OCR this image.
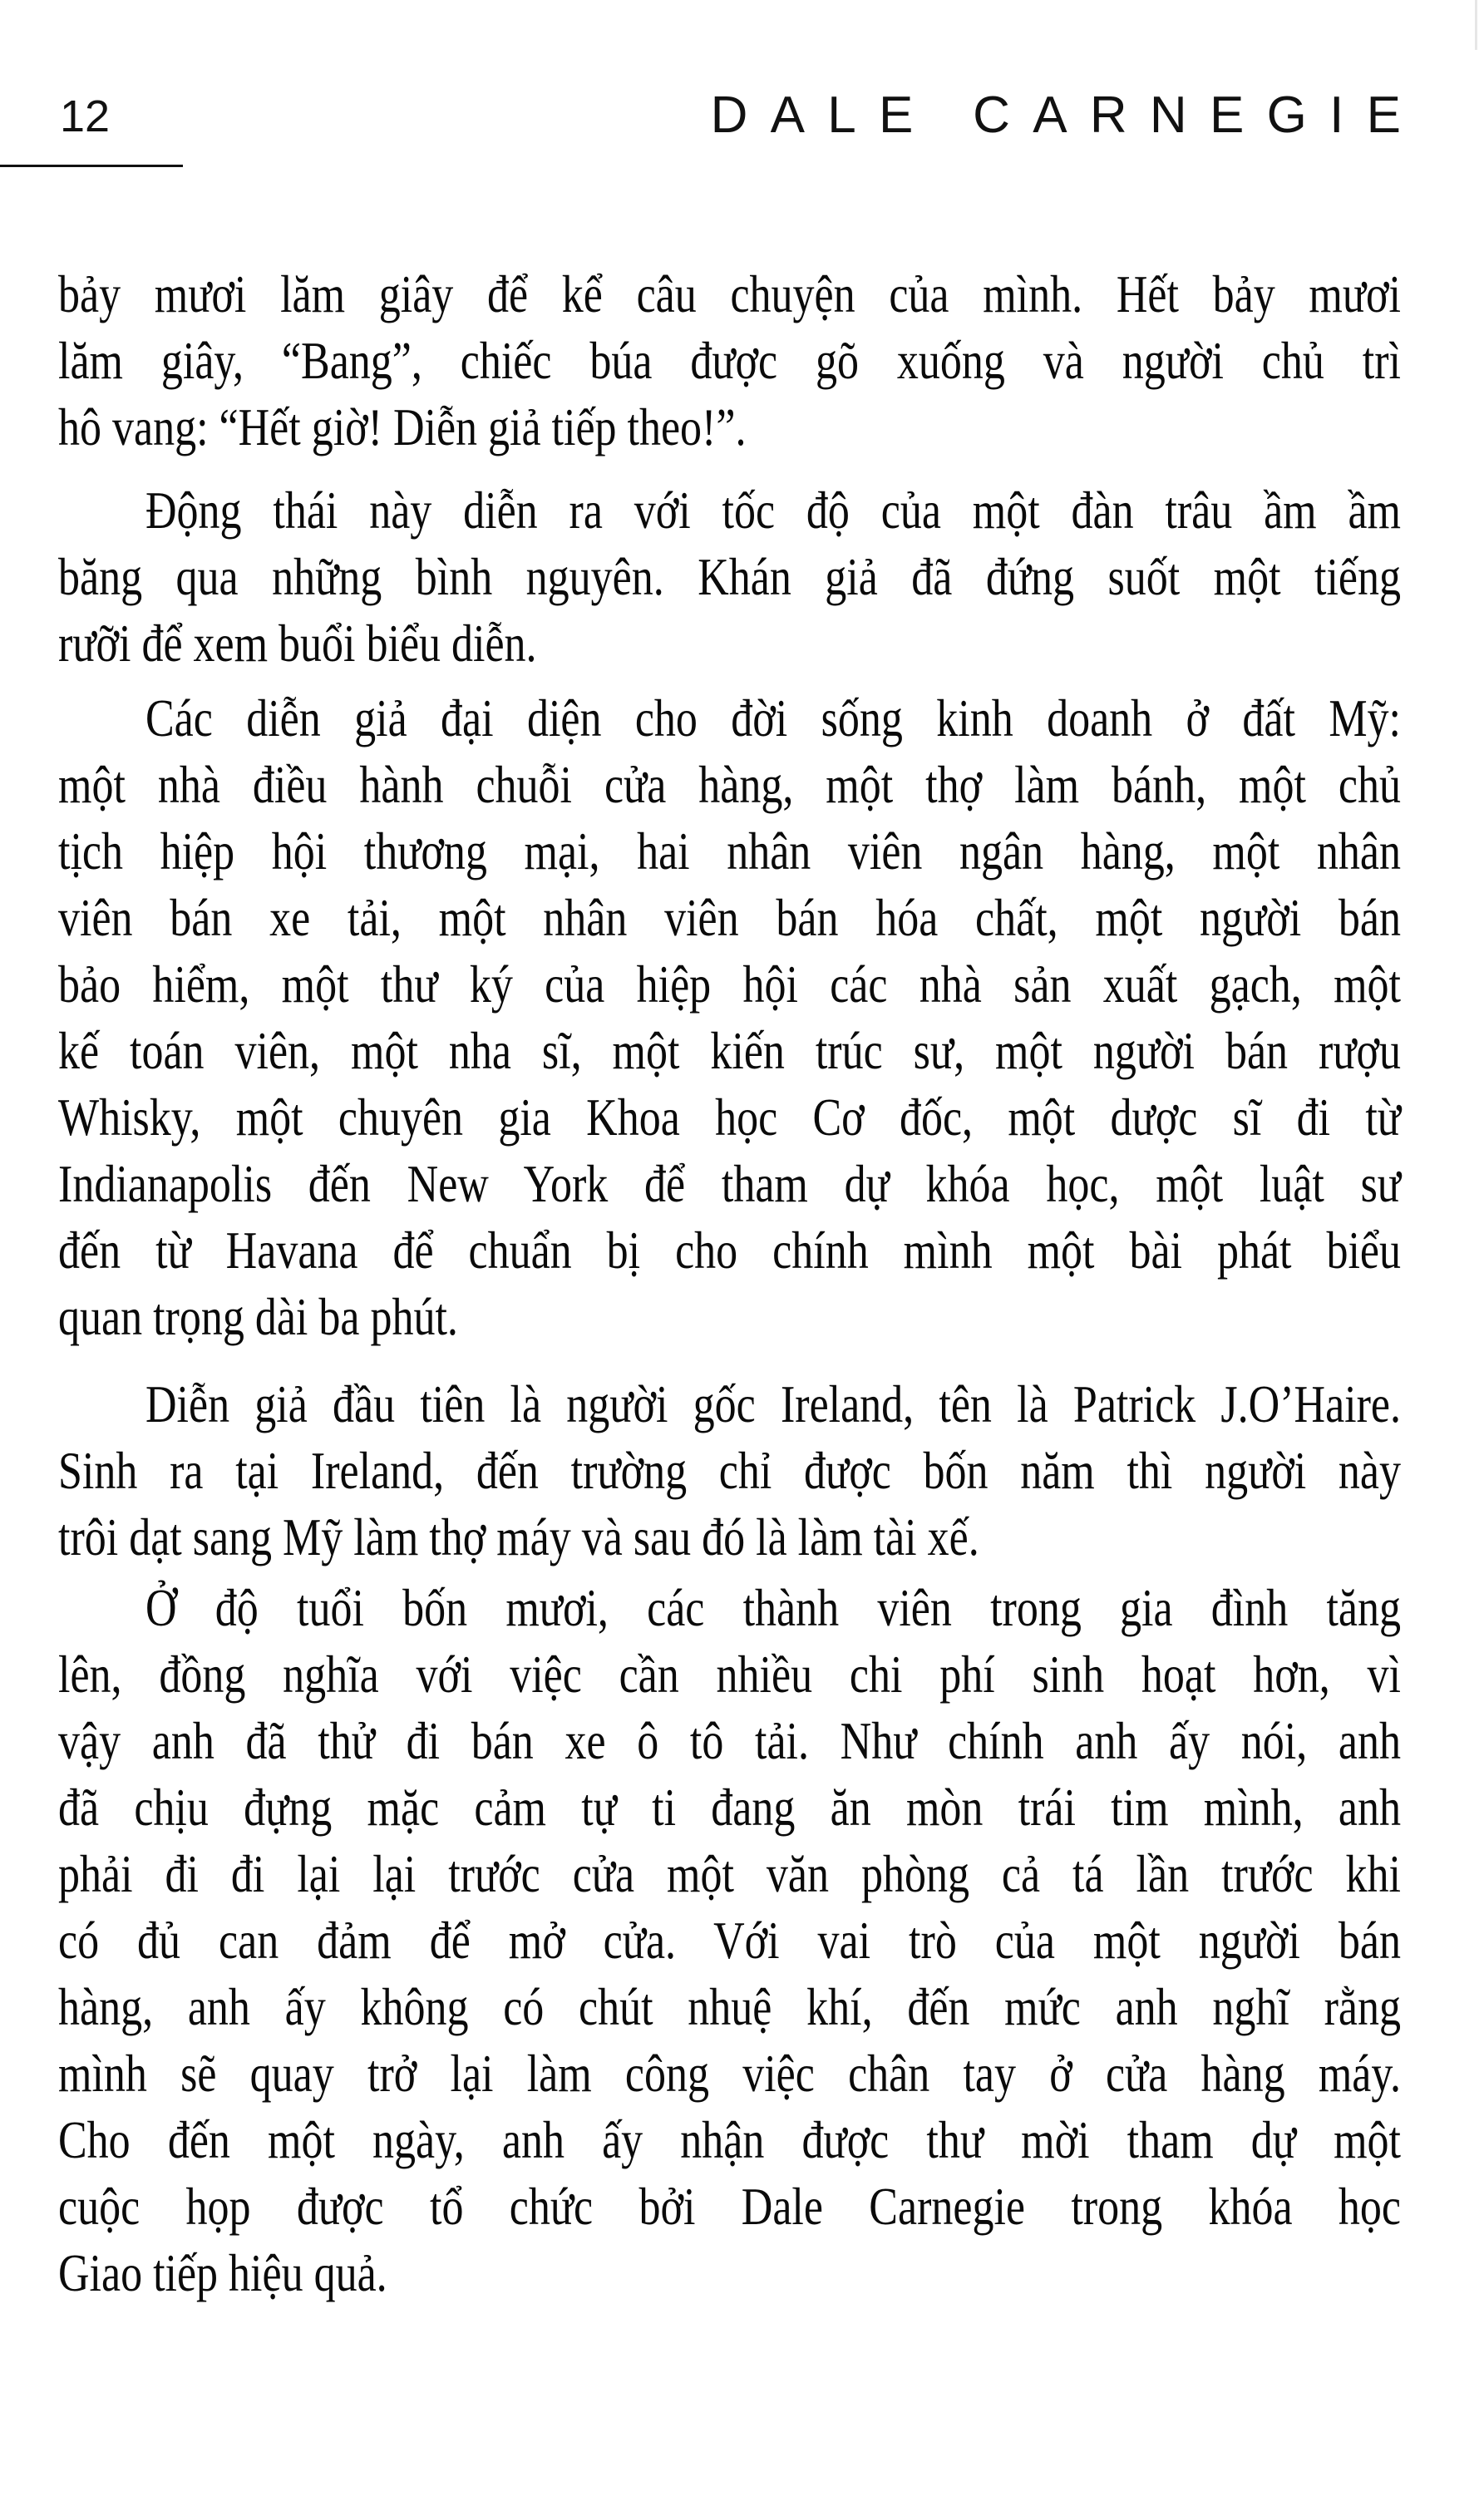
12	DALE CARNEGIE
bảy mươi lăm giây để kể câu chuyện của mình. Hết bảy mươi
lăm giây, “Bang”, chiếc búa được gõ xuống và người chủ trì
hô vang: “Hết giờ! Diễn giả tiếp theo!”.
Động thái này diễn ra với tốc độ của một đàn trâu ầm ầm
băng qua những bình nguyên. Khán giả đã đứng suốt một tiếng
rưỡi để xem buổi biểu diễn.
Các diễn giả đại diện cho đời sống kinh doanh ở đất Mỹ:
một nhà điều hành chuỗi cửa hàng, một thợ làm bánh, một chủ
tịch hiệp hội thương mại, hai nhân viên ngân hàng, một nhân
viên bán xe tải, một nhân viên bán hóa chất, một người bán
bảo hiểm, một thư ký của hiệp hội các nhà sản xuất gạch, một
kế toán viên, một nha sĩ, một kiến trúc sư, một người bán rượu
Whisky, một chuyên gia Khoa học Cơ đốc, một dược sĩ đi từ
Indianapolis đến New York để tham dự khóa học, một luật sư
đến từ Havana để chuẩn bị cho chính mình một bài phát biểu
quan trọng dài ba phút.
Diễn giả đầu tiên là người gốc Ireland, tên là Patrick J.O’Haire.
Sinh ra tại Ireland, đến trường chỉ được bốn năm thì người này
trôi dạt sang Mỹ làm thợ máy và sau đó là làm tài xế.
Ở độ tuổi bốn mươi, các thành viên trong gia đình tăng
lên, đồng nghĩa với việc cần nhiều chi phí sinh hoạt hơn, vì
vậy anh đã thử đi bán xe ô tô tải. Như chính anh ấy nói, anh
đã chịu đựng mặc cảm tự ti đang ăn mòn trái tim mình, anh
phải đi đi lại lại trước cửa một văn phòng cả tá lần trước khi
có đủ can đảm để mở cửa. Với vai trò của một người bán
hàng, anh ấy không có chút nhuệ khí, đến mức anh nghĩ rằng
mình sẽ quay trở lại làm công việc chân tay ở cửa hàng máy.
Cho đến một ngày, anh ấy nhận được thư mời tham dự một
cuộc họp được tổ chức bởi Dale Carnegie trong khóa học
Giao tiếp hiệu quả.
